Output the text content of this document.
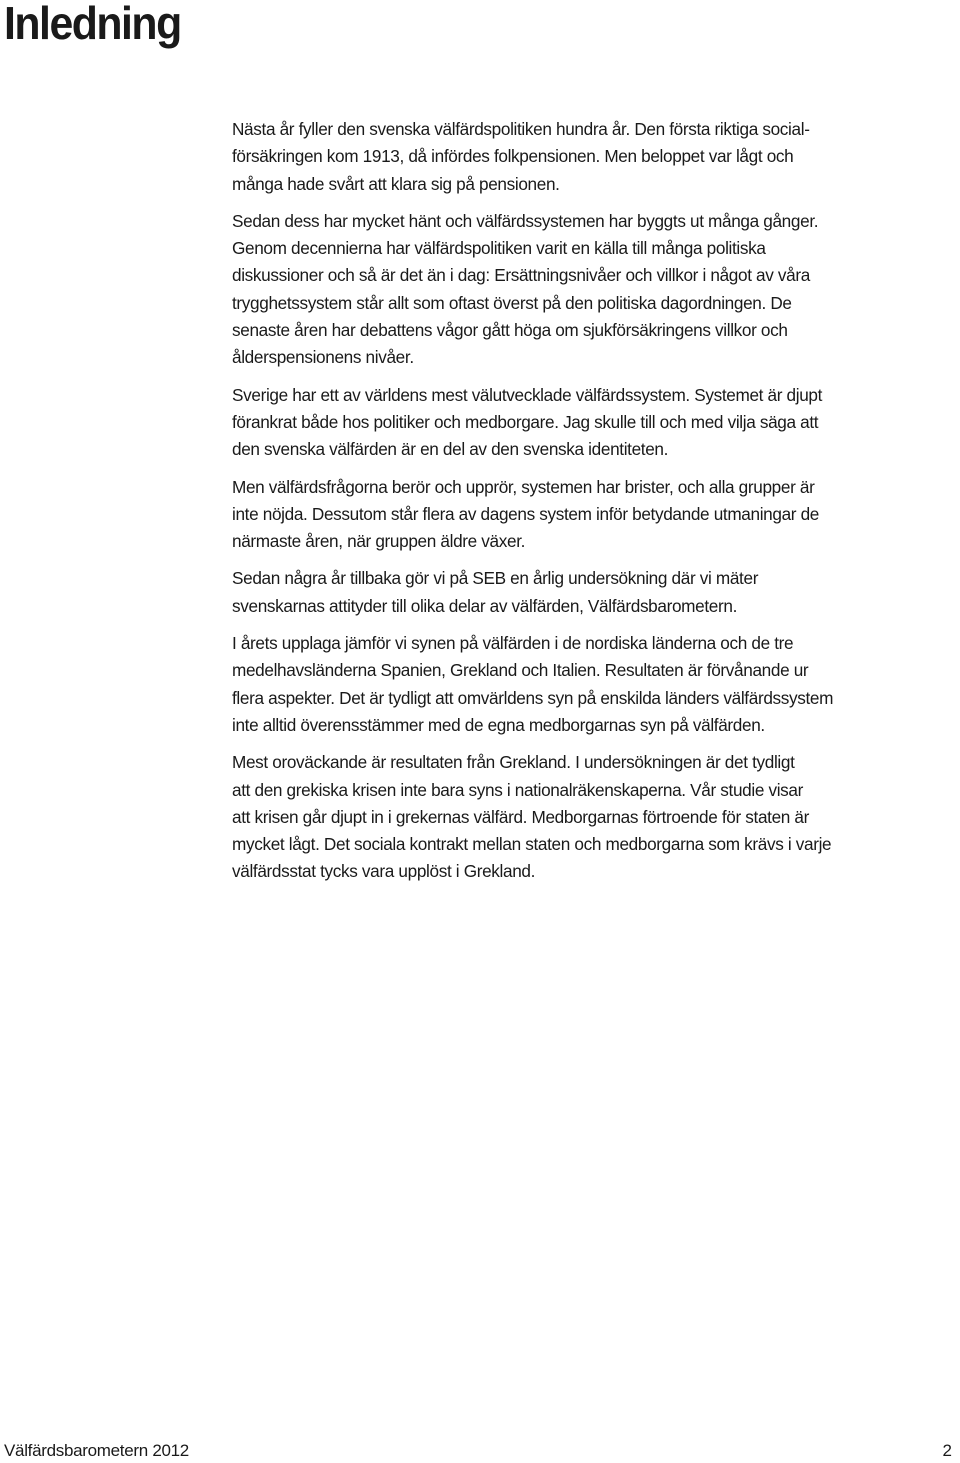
Inledning

Nästa år fyller den svenska välfärdspolitiken hundra år. Den första riktiga social-
försäkringen kom 1913, då infördes folkpensionen. Men beloppet var lågt och
många hade svårt att klara sig på pensionen.

Sedan dess har mycket hänt och välfärdssystemen har byggts ut många gånger.

Genom decennierna har välfärdspolitiken varit en källa till många politiska
diskussioner och så är det än i dag: Ersättningsnivåer och villkor i något av våra
trygghetssystem står allt som oftast överst på den politiska dagordningen. De
senaste åren har debattens vågor gått höga om sjukförsäkringens villkor och
ålderspensionens nivåer.

Sverige har ett av världens mest välutvecklade välfärdssystem. Systemet är djupt
förankrat både hos politiker och medborgare. Jag skulle till och med vilja säga att
den svenska välfärden är en del av den svenska identiteten.

Men välfärdsfrågorna berör och upprör, systemen har brister, och alla grupper är
inte nöjda. Dessutom står flera av dagens system inför betydande utmaningar de
närmaste åren, när gruppen äldre växer.

Sedan några år tillbaka gör vi på SEB en årlig undersökning där vi mäter
svenskarnas attityder till olika delar av välfärden, Välfärdsbarometern.

I årets upplaga jämför vi synen på välfärden i de nordiska länderna och de tre
medelhavsländerna Spanien, Grekland och Italien. Resultaten är förvånande ur
flera aspekter. Det är tydligt att omvärldens syn på enskilda länders välfärdssystem
inte alltid överensstämmer med de egna medborgarnas syn på välfärden.

Mest oroväckande är resultaten från Grekland. I undersökningen är det tydligt
att den grekiska krisen inte bara syns i nationalräkenskaperna. Vår studie visar
att krisen går djupt in i grekernas välfärd. Medborgarnas förtroende för staten är
mycket lågt. Det sociala kontrakt mellan staten och medborgarna som krävs i varje
välfärdsstat tycks vara upplöst i Grekland.

Välfärdsbarometern 2012	2
